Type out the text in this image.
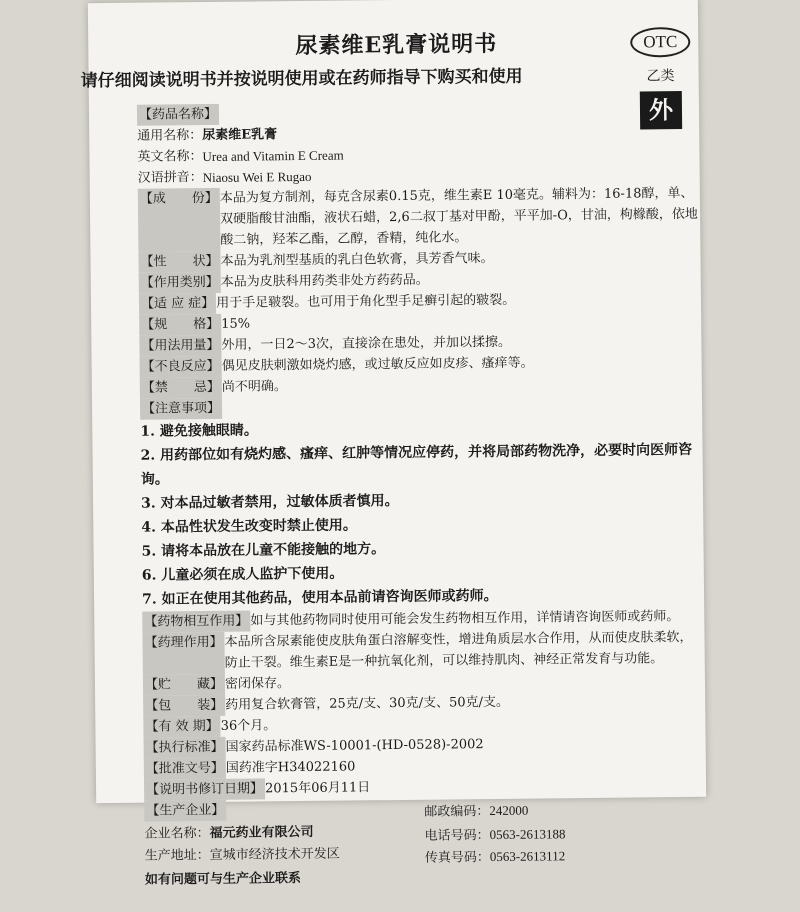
OTC
乙类
外
尿素维E乳膏说明书
请仔细阅读说明书并按说明使用或在药师指导下购买和使用
【药品名称】
通用名称： 尿素维E乳膏
英文名称： Urea and Vitamin E Cream
汉语拼音： Niaosu Wei E Rugao
【成　　份】 本品为复方制剂，每克含尿素0.15克，维生素E 10毫克。辅料为：16-18醇，单、双硬脂酸甘油酯，液状石蜡，2,6二叔丁基对甲酚，平平加-O，甘油，枸橼酸，依地酸二钠，羟苯乙酯，乙醇，香精，纯化水。
【性　　状】 本品为乳剂型基质的乳白色软膏，具芳香气味。
【作用类别】 本品为皮肤科用药类非处方药药品。
【适 应 症】 用于手足皲裂。也可用于角化型手足癣引起的皲裂。
【规　　格】 15%
【用法用量】 外用，一日2～3次，直接涂在患处，并加以揉擦。
【不良反应】 偶见皮肤刺激如烧灼感，或过敏反应如皮疹、瘙痒等。
【禁　　忌】 尚不明确。
【注意事项】
1. 避免接触眼睛。
2. 用药部位如有烧灼感、瘙痒、红肿等情况应停药，并将局部药物洗净，必要时向医师咨询。
3. 对本品过敏者禁用，过敏体质者慎用。
4. 本品性状发生改变时禁止使用。
5. 请将本品放在儿童不能接触的地方。
6. 儿童必须在成人监护下使用。
7. 如正在使用其他药品，使用本品前请咨询医师或药师。
【药物相互作用】 如与其他药物同时使用可能会发生药物相互作用，详情请咨询医师或药师。
【药理作用】 本品所含尿素能使皮肤角蛋白溶解变性，增进角质层水合作用，从而使皮肤柔软，防止干裂。维生素E是一种抗氧化剂，可以维持肌肉、神经正常发育与功能。
【贮　　藏】 密闭保存。
【包　　装】 药用复合软膏管，25克/支、30克/支、50克/支。
【有 效 期】 36个月。
【执行标准】 国家药品标准WS-10001-(HD-0528)-2002
【批准文号】 国药准字H34022160
【说明书修订日期】 2015年06月11日
【生产企业】	邮政编码：242000
企业名称：福元药业有限公司	电话号码：0563-2613188
生产地址：宣城市经济技术开发区	传真号码：0563-2613112
如有问题可与生产企业联系
